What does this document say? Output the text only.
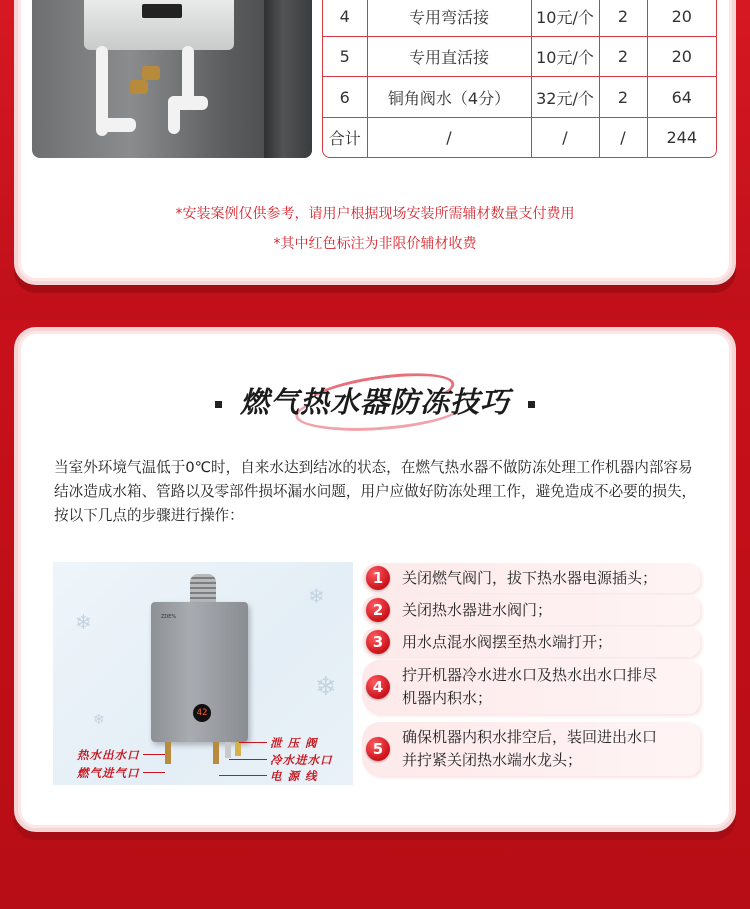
4	专用弯活接	10元/个	2	20
5	专用直活接	10元/个	2	20
6	铜角阀水（4分）	32元/个	2	64
合计	/	/	/	244
*安装案例仅供参考，请用户根据现场安装所需辅材数量支付费用
*其中红色标注为非限价辅材收费
燃气热水器防冻技巧
当室外环境气温低于0℃时，自来水达到结冰的状态，在燃气热水器不做防冻处理工作机器内部容易结冰造成水箱、管路以及零部件损坏漏水问题，用户应做好防冻处理工作，避免造成不必要的损失，按以下几点的步骤进行操作：
❄
❄
❄
❄
ZDE%
42
热水出水口
燃气进气口
泄 压 阀
冷水进水口
电 源 线
1	关闭燃气阀门，拔下热水器电源插头；
2	关闭热水器进水阀门；
3	用水点混水阀摆至热水端打开；
4
拧开机器冷水进水口及热水出水口排尽
机器内积水；
5
确保机器内积水排空后，装回进出水口
并拧紧关闭热水端水龙头；
